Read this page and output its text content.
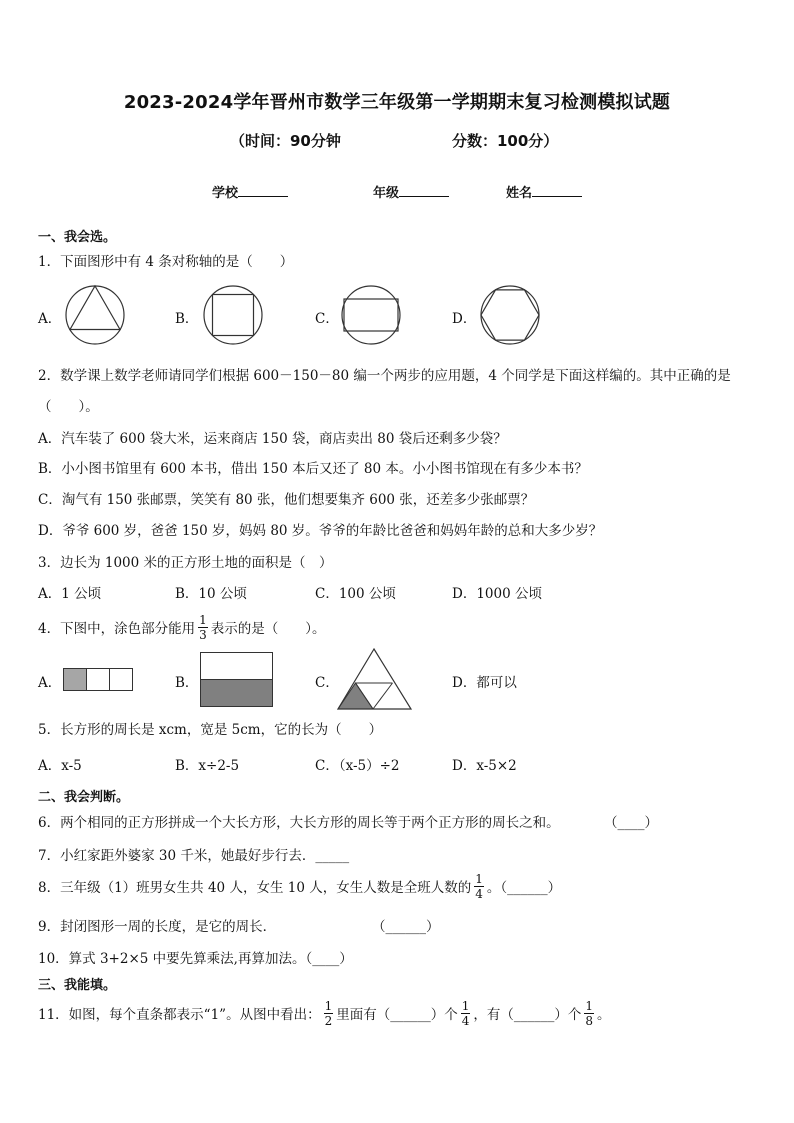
2023-2024学年晋州市数学三年级第一学期期末复习检测模拟试题
（时间：90分钟	分数：100分）
学校	年级	姓名
一、我会选。
1．下面图形中有 4 条对称轴的是（　　）
A．	B．	C．	D．
2．数学课上数学老师请同学们根据 600－150－80 编一个两步的应用题，4 个同学是下面这样编的。其中正确的是
（　　）。
A．汽车装了 600 袋大米，运来商店 150 袋，商店卖出 80 袋后还剩多少袋？
B．小小图书馆里有 600 本书，借出 150 本后又还了 80 本。小小图书馆现在有多少本书？
C．淘气有 150 张邮票，笑笑有 80 张，他们想要集齐 600 张，还差多少张邮票？
D．爷爷 600 岁，爸爸 150 岁，妈妈 80 岁。爷爷的年龄比爸爸和妈妈年龄的总和大多少岁？
3．边长为 1000 米的正方形土地的面积是（　）
A．1 公顷	B．10 公顷	C．100 公顷	D．1000 公顷
4．下图中，涂色部分能用 $\frac{1}{3}$ 表示的是（　　）。
A．	B．	C．	D．都可以
5．长方形的周长是 xcm，宽是 5cm，它的长为（　　）
A．x-5	B．x÷2-5	C．（x-5）÷2	D．x-5×2
二、我会判断。
6．两个相同的正方形拼成一个大长方形，大长方形的周长等于两个正方形的周长之和。	（____）
7．小红家距外婆家 30 千米，她最好步行去．_____
8．三年级（1）班男女生共 40 人，女生 10 人，女生人数是全班人数的 $\frac{1}{4}$ 。（______）
9．封闭图形一周的长度，是它的周长．	（______）
10．算式 3+2×5 中要先算乘法,再算加法。（____）
三、我能填。
11．如图，每个直条都表示“1”。从图中看出： $\frac{1}{2}$ 里面有（______）个 $\frac{1}{4}$ ，有（______）个 $\frac{1}{8}$ 。
